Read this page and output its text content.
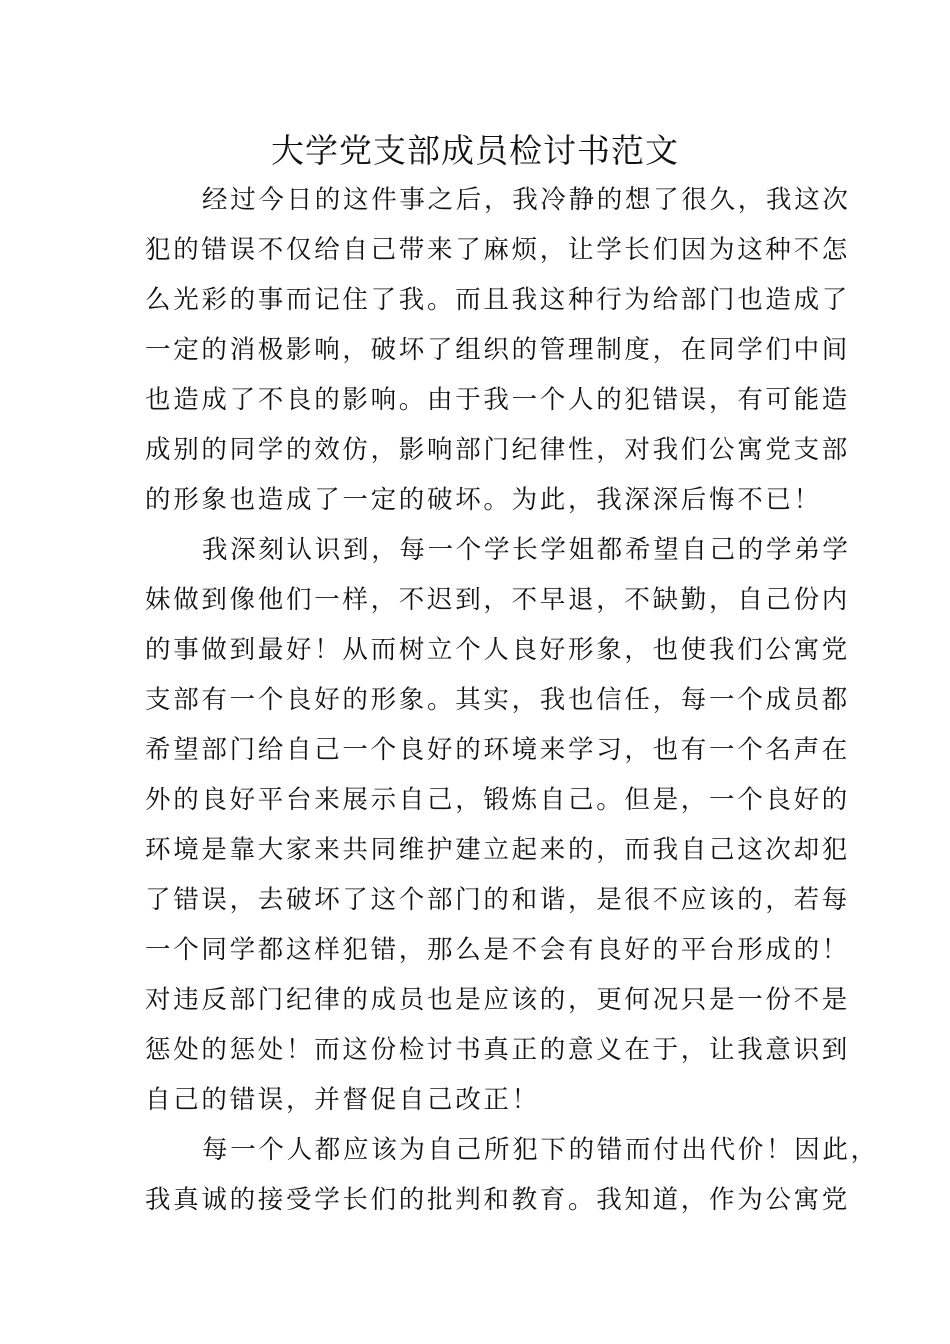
大学党支部成员检讨书范文

经过今日的这件事之后，我冷静的想了很久，我这次
犯的错误不仅给自己带来了麻烦，让学长们因为这种不怎
么光彩的事而记住了我。而且我这种行为给部门也造成了
一定的消极影响，破坏了组织的管理制度，在同学们中间
也造成了不良的影响。由于我一个人的犯错误，有可能造
成别的同学的效仿，影响部门纪律性，对我们公寓党支部
的形象也造成了一定的破坏。为此，我深深后悔不已！

我深刻认识到，每一个学长学姐都希望自己的学弟学
妹做到像他们一样，不迟到，不早退，不缺勤，自己份内
的事做到最好！从而树立个人良好形象，也使我们公寓党
支部有一个良好的形象。其实，我也信任，每一个成员都
希望部门给自己一个良好的环境来学习，也有一个名声在
外的良好平台来展示自己，锻炼自己。但是，一个良好的
环境是靠大家来共同维护建立起来的，而我自己这次却犯
了错误，去破坏了这个部门的和谐，是很不应该的，若每
一个同学都这样犯错，那么是不会有良好的平台形成的！
对违反部门纪律的成员也是应该的，更何况只是一份不是
惩处的惩处！而这份检讨书真正的意义在于，让我意识到
自己的错误，并督促自己改正！

每一个人都应该为自己所犯下的错而付出代价！因此，
我真诚的接受学长们的批判和教育。我知道，作为公寓党
